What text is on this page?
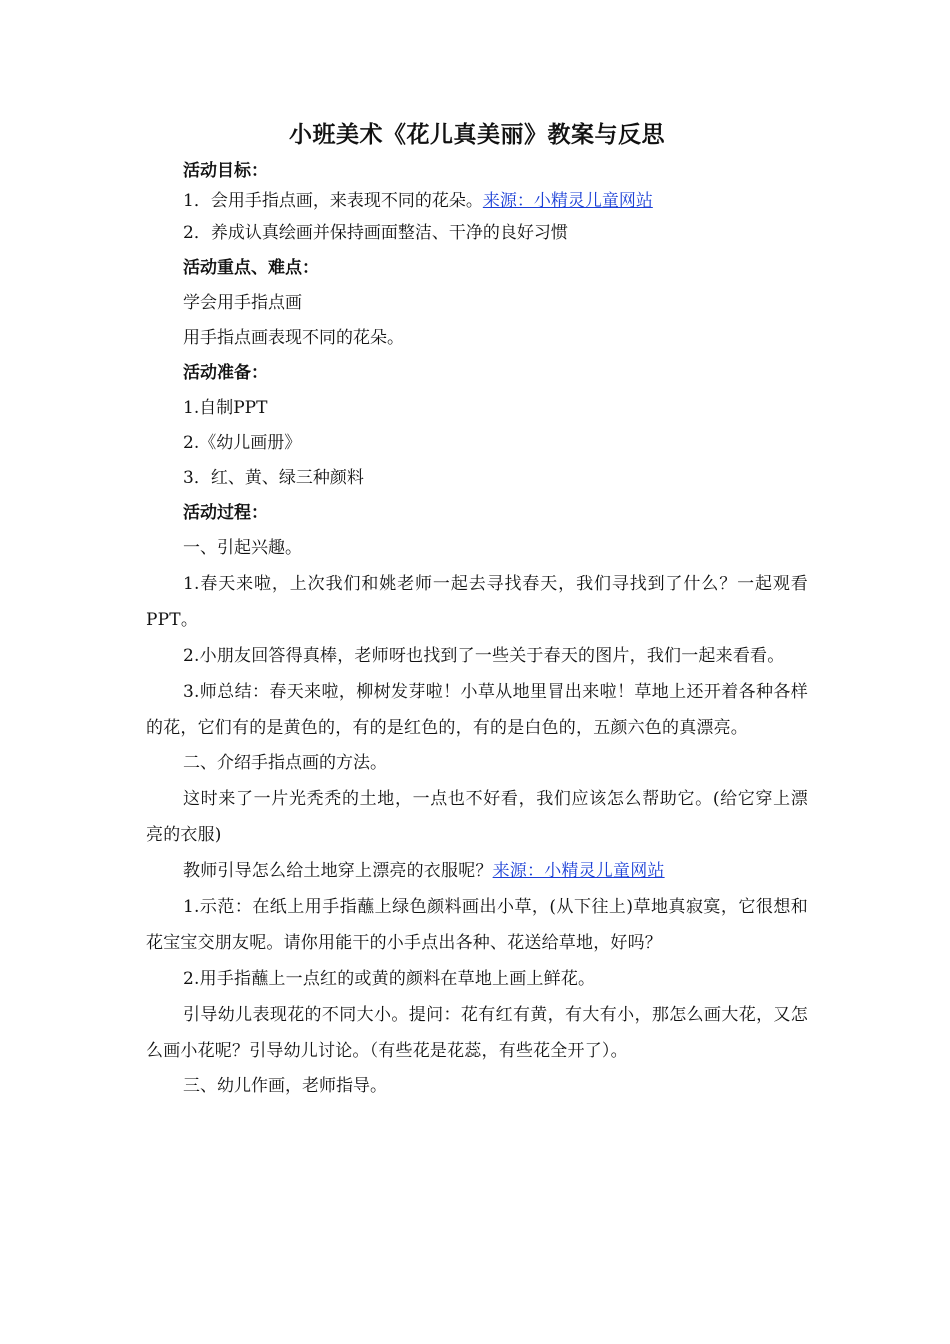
小班美术《花儿真美丽》教案与反思
活动目标：
1．会用手指点画，来表现不同的花朵。来源：小精灵儿童网站
2．养成认真绘画并保持画面整洁、干净的良好习惯
活动重点、难点：
学会用手指点画
用手指点画表现不同的花朵。
活动准备：
1.自制PPT
2.《幼儿画册》
3．红、黄、绿三种颜料
活动过程：
一、引起兴趣。

1.春天来啦，上次我们和姚老师一起去寻找春天，我们寻找到了什么？一起观看PPT。

2.小朋友回答得真棒，老师呀也找到了一些关于春天的图片，我们一起来看看。

3.师总结：春天来啦，柳树发芽啦！小草从地里冒出来啦！草地上还开着各种各样的花，它们有的是黄色的，有的是红色的，有的是白色的，五颜六色的真漂亮。

二、介绍手指点画的方法。

这时来了一片光秃秃的土地，一点也不好看，我们应该怎么帮助它。(给它穿上漂亮的衣服)

教师引导怎么给土地穿上漂亮的衣服呢？来源：小精灵儿童网站

1.示范：在纸上用手指蘸上绿色颜料画出小草，(从下往上)草地真寂寞，它很想和花宝宝交朋友呢。请你用能干的小手点出各种、花送给草地，好吗？

2.用手指蘸上一点红的或黄的颜料在草地上画上鲜花。

引导幼儿表现花的不同大小。提问：花有红有黄，有大有小，那怎么画大花，又怎么画小花呢？引导幼儿讨论。（有些花是花蕊，有些花全开了）。

三、幼儿作画，老师指导。
